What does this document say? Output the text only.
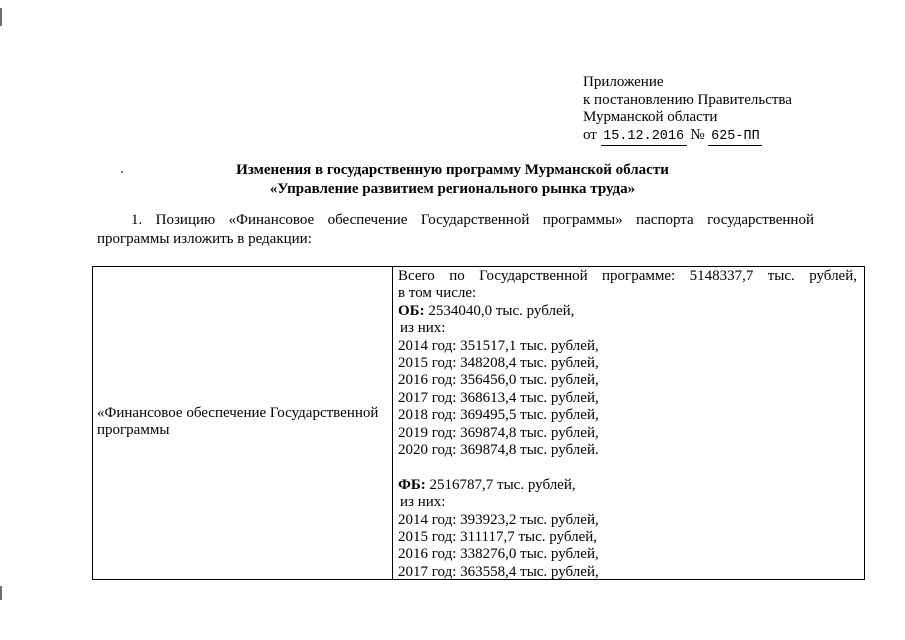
Приложение
к постановлению Правительства
Мурманской области
от 15.12.2016 № 625-ПП
Изменения в государственную программу Мурманской области
«Управление развитием регионального рынка труда»
1. Позицию «Финансовое обеспечение Государственной программы» паспорта государственной программы изложить в редакции:
«Финансовое обеспечение Государственной
программы
Всего по Государственной программе: 5148337,7 тыс. рублей,
в том числе:
ОБ: 2534040,0 тыс. рублей,
из них:
2014 год: 351517,1 тыс. рублей,
2015 год: 348208,4 тыс. рублей,
2016 год: 356456,0 тыс. рублей,
2017 год: 368613,4 тыс. рублей,
2018 год: 369495,5 тыс. рублей,
2019 год: 369874,8 тыс. рублей,
2020 год: 369874,8 тыс. рублей.
ФБ: 2516787,7 тыс. рублей,
из них:
2014 год: 393923,2 тыс. рублей,
2015 год: 311117,7 тыс. рублей,
2016 год: 338276,0 тыс. рублей,
2017 год: 363558,4 тыс. рублей,
